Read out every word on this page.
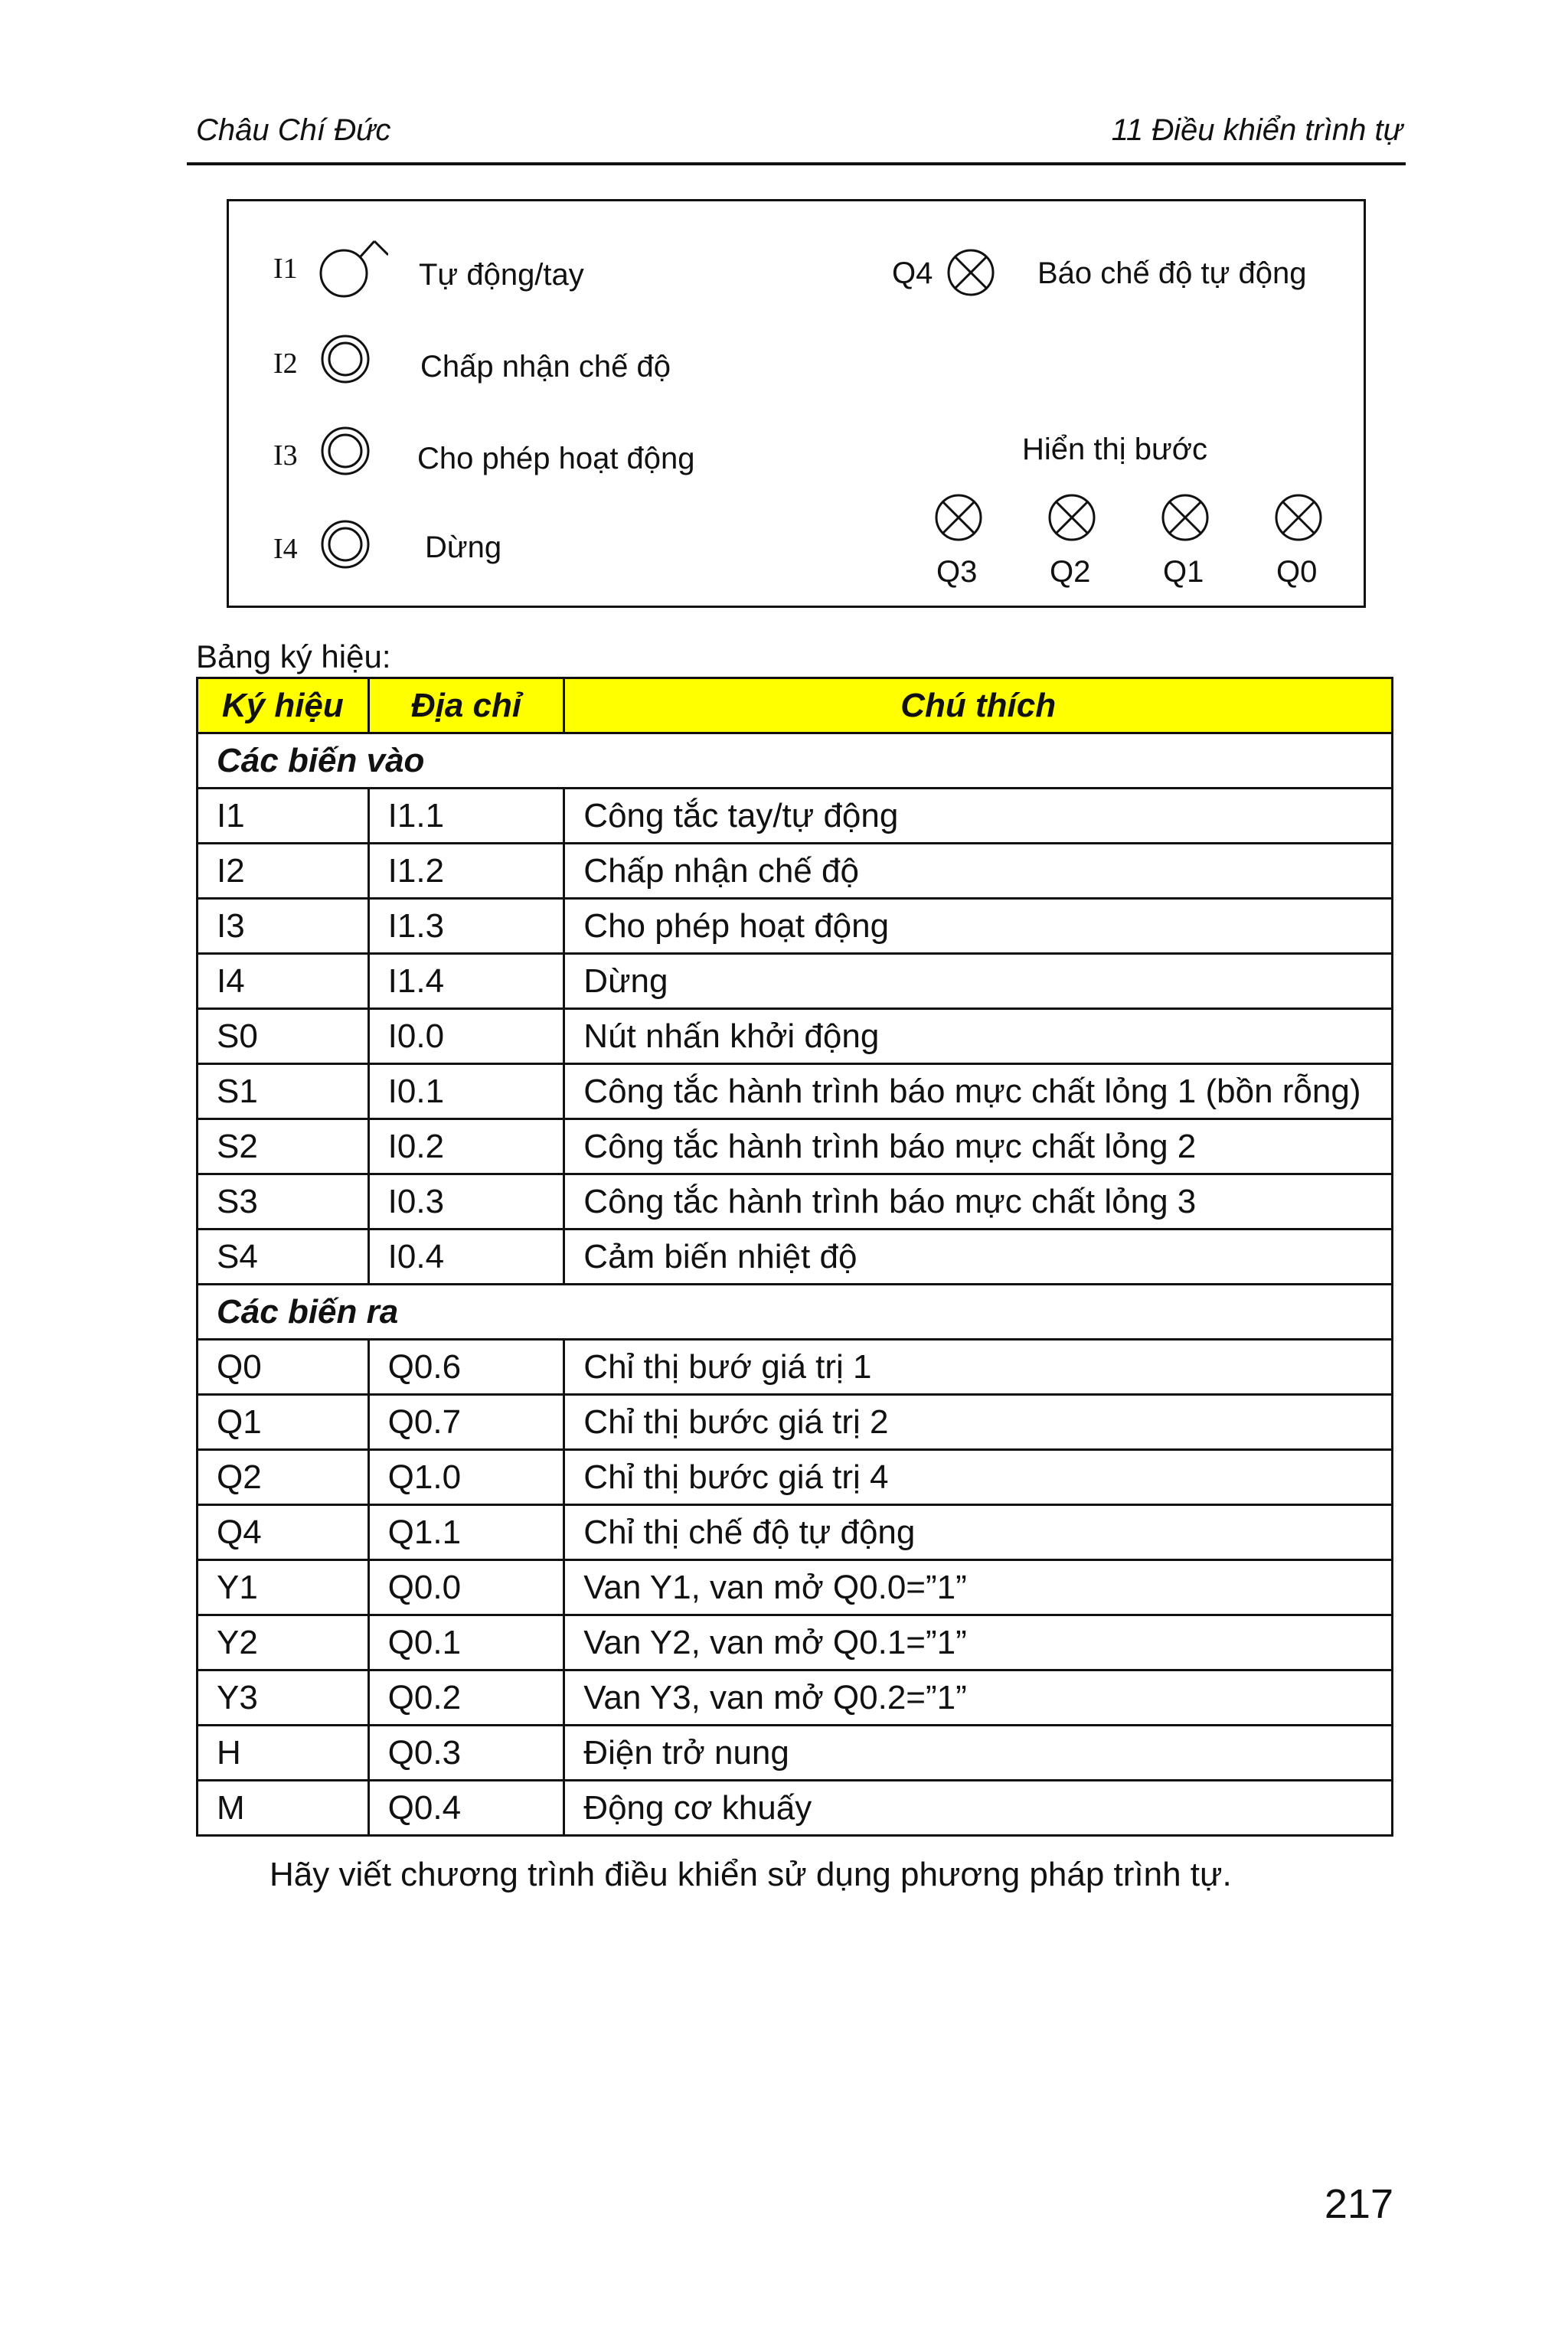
Châu Chí Đức	11 Điều khiển trình tự
I1	Tự động/tay
I2	Chấp nhận chế độ
I3	Cho phép hoạt động
I4	Dừng
Q4	Báo chế độ tự động
Hiển thị bước
Q3 Q2 Q1 Q0
Bảng ký hiệu:
Ký hiệu	Địa chỉ	Chú thích
Các biến vào		
I1	I1.1	Công tắc tay/tự động
I2	I1.2	Chấp nhận chế độ
I3	I1.3	Cho phép hoạt động
I4	I1.4	Dừng
S0	I0.0	Nút nhấn khởi động
S1	I0.1	Công tắc hành trình báo mực chất lỏng 1 (bồn rỗng)
S2	I0.2	Công tắc hành trình báo mực chất lỏng 2
S3	I0.3	Công tắc hành trình báo mực chất lỏng 3
S4	I0.4	Cảm biến nhiệt độ
Các biến ra		
Q0	Q0.6	Chỉ thị bướ giá trị 1
Q1	Q0.7	Chỉ thị bước giá trị 2
Q2	Q1.0	Chỉ thị bước giá trị 4
Q4	Q1.1	Chỉ thị chế độ tự động
Y1	Q0.0	Van Y1, van mở Q0.0=”1”
Y2	Q0.1	Van Y2, van mở Q0.1=”1”
Y3	Q0.2	Van Y3, van mở Q0.2=”1”
H	Q0.3	Điện trở nung
M	Q0.4	Động cơ khuấy
Hãy viết chương trình điều khiển sử dụng phương pháp trình tự.
217
